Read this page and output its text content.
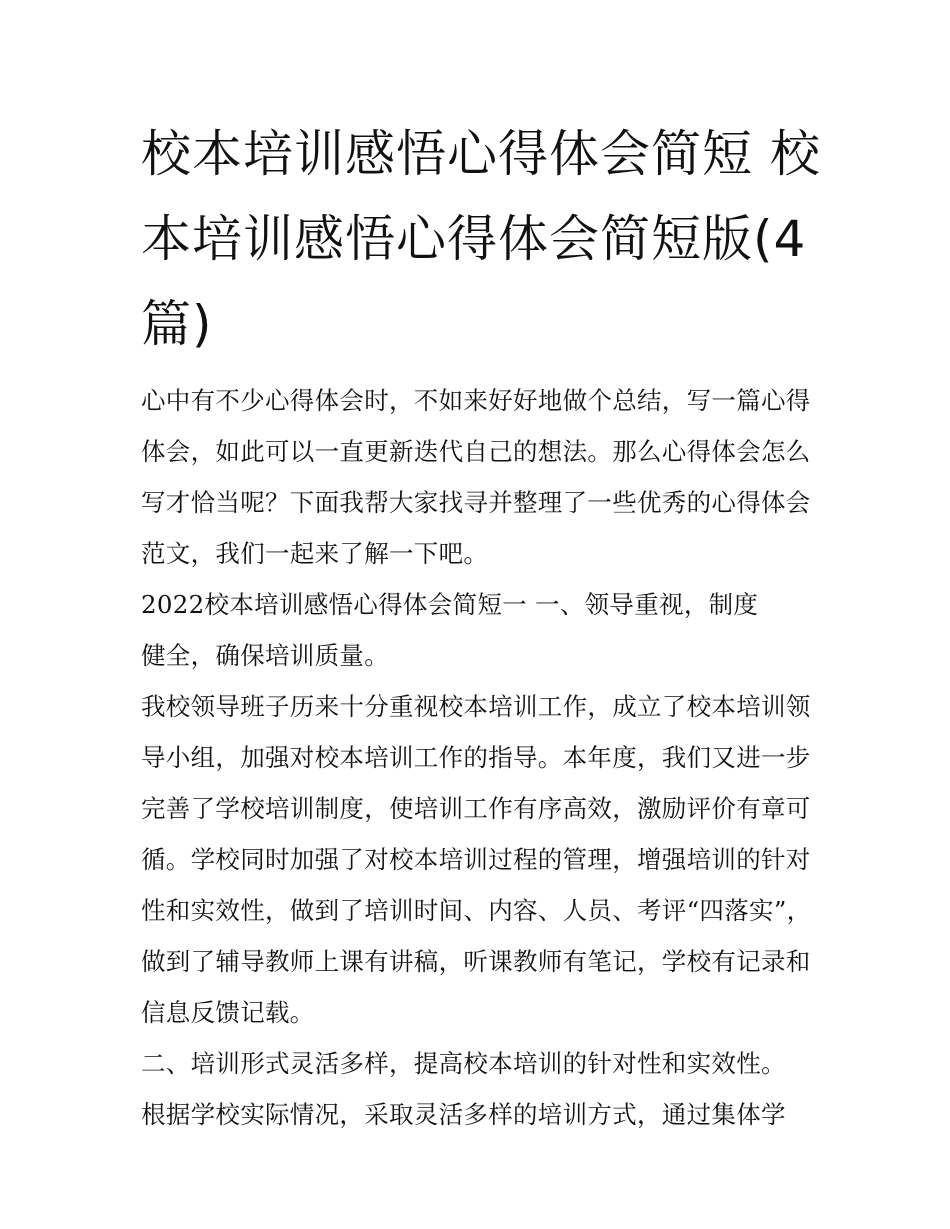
校本培训感悟心得体会简短 校本培训感悟心得体会简短版(4篇)

心中有不少心得体会时，不如来好好地做个总结，写一篇心得体会，如此可以一直更新迭代自己的想法。那么心得体会怎么写才恰当呢？下面我帮大家找寻并整理了一些优秀的心得体会范文，我们一起来了解一下吧。

2022校本培训感悟心得体会简短一 一、领导重视，制度健全，确保培训质量。

我校领导班子历来十分重视校本培训工作，成立了校本培训领导小组，加强对校本培训工作的指导。本年度，我们又进一步完善了学校培训制度，使培训工作有序高效，激励评价有章可循。学校同时加强了对校本培训过程的管理，增强培训的针对性和实效性，做到了培训时间、内容、人员、考评“四落实”，做到了辅导教师上课有讲稿，听课教师有笔记，学校有记录和信息反馈记载。

二、培训形式灵活多样，提高校本培训的针对性和实效性。

根据学校实际情况，采取灵活多样的培训方式，通过集体学
